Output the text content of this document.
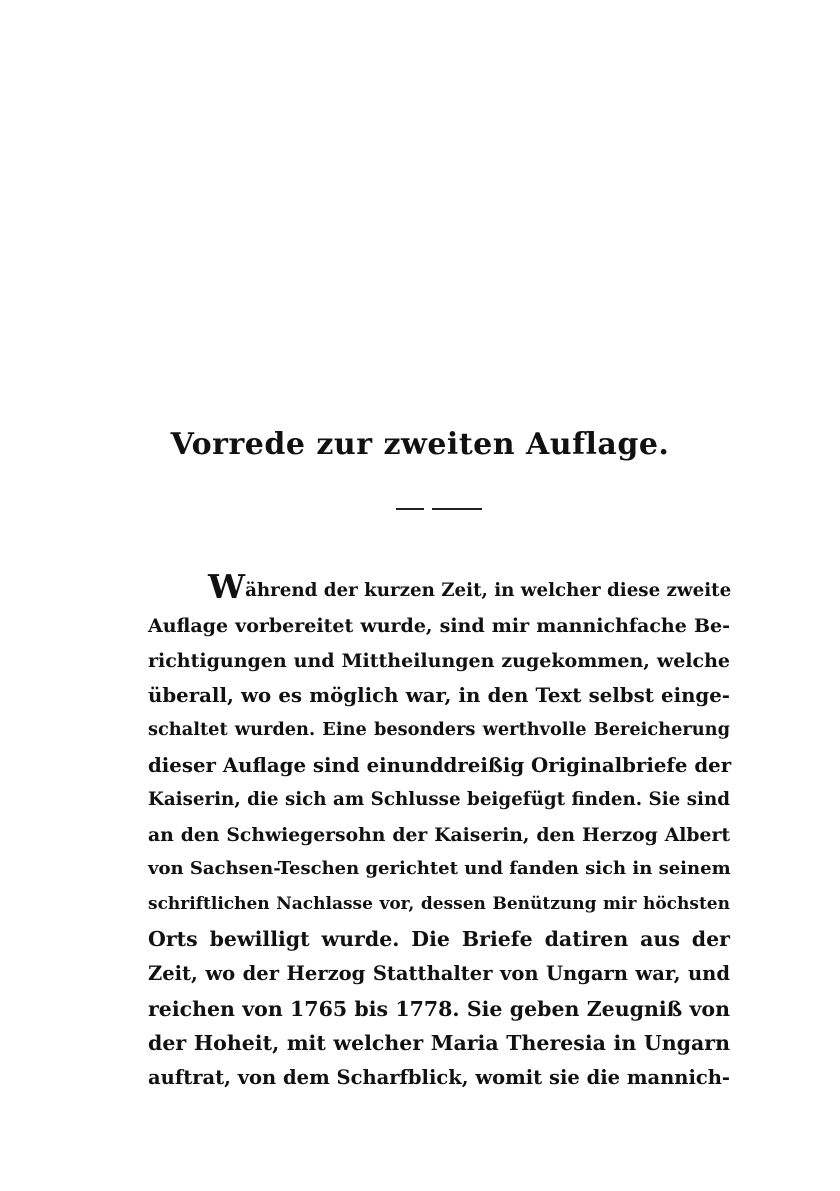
Vorrede zur zweiten Auflage.
Während der kurzen Zeit, in welcher diese zweite
Auflage vorbereitet wurde, sind mir mannichfache Be-
richtigungen und Mittheilungen zugekommen, welche
überall, wo es möglich war, in den Text selbst einge-
schaltet wurden. Eine besonders werthvolle Bereicherung
dieser Auflage sind einunddreißig Originalbriefe der
Kaiserin, die sich am Schlusse beigefügt finden. Sie sind
an den Schwiegersohn der Kaiserin, den Herzog Albert
von Sachsen-Teschen gerichtet und fanden sich in seinem
schriftlichen Nachlasse vor, dessen Benützung mir höchsten
Orts bewilligt wurde. Die Briefe datiren aus der
Zeit, wo der Herzog Statthalter von Ungarn war, und
reichen von 1765 bis 1778. Sie geben Zeugniß von
der Hoheit, mit welcher Maria Theresia in Ungarn
auftrat, von dem Scharfblick, womit sie die mannich-
